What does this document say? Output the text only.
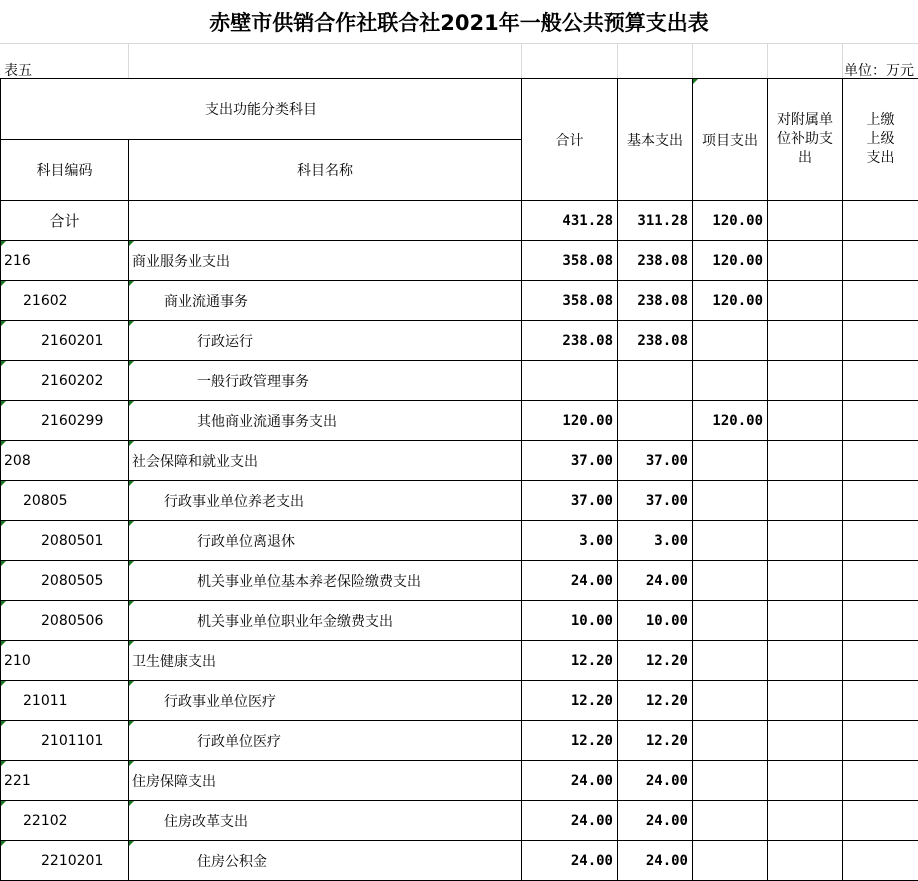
赤壁市供销合作社联合社2021年一般公共预算支出表
表五	单位：万元
支出功能分类科目		合计	基本支出	项目支出	对附属单位补助支出	上缴上级支出
科目编码	科目名称					
合计		431.28	311.28	120.00		

216	商业服务业支出	358.08	238.08	120.00		

21602	商业流通事务	358.08	238.08	120.00		

2160201	行政运行	238.08	238.08			

2160202	一般行政管理事务					

2160299	其他商业流通事务支出	120.00		120.00		

208	社会保障和就业支出	37.00	37.00			

20805	行政事业单位养老支出	37.00	37.00			

2080501	行政单位离退休	3.00	3.00			

2080505	机关事业单位基本养老保险缴费支出	24.00	24.00			

2080506	机关事业单位职业年金缴费支出	10.00	10.00			

210	卫生健康支出	12.20	12.20			

21011	行政事业单位医疗	12.20	12.20			

2101101	行政单位医疗	12.20	12.20			

221	住房保障支出	24.00	24.00			

22102	住房改革支出	24.00	24.00			

2210201	住房公积金	24.00	24.00			
